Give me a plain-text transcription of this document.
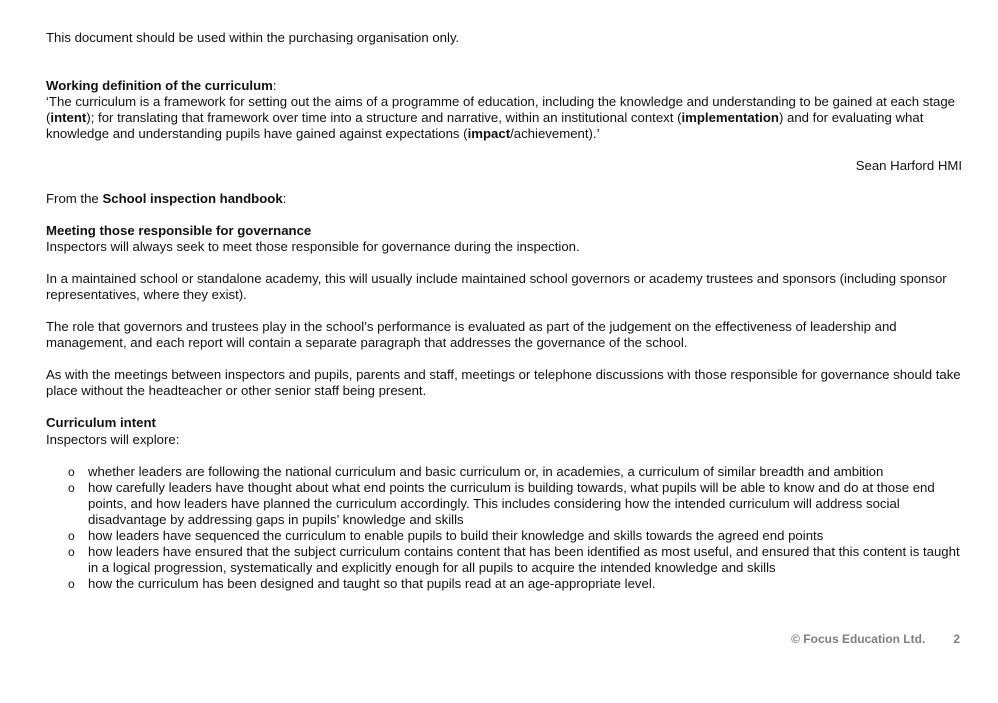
This document should be used within the purchasing organisation only.

Working definition of the curriculum:

‘The curriculum is a framework for setting out the aims of a programme of education, including the knowledge and understanding to be gained at each stage (intent); for translating that framework over time into a structure and narrative, within an institutional context (implementation) and for evaluating what knowledge and understanding pupils have gained against expectations (impact/achievement).’

Sean Harford HMI

From the School inspection handbook:

Meeting those responsible for governance

Inspectors will always seek to meet those responsible for governance during the inspection.

In a maintained school or standalone academy, this will usually include maintained school governors or academy trustees and sponsors (including sponsor representatives, where they exist).

The role that governors and trustees play in the school’s performance is evaluated as part of the judgement on the effectiveness of leadership and management, and each report will contain a separate paragraph that addresses the governance of the school.

As with the meetings between inspectors and pupils, parents and staff, meetings or telephone discussions with those responsible for governance should take place without the headteacher or other senior staff being present.

Curriculum intent

Inspectors will explore:

o	whether leaders are following the national curriculum and basic curriculum or, in academies, a curriculum of similar breadth and ambition
o	how carefully leaders have thought about what end points the curriculum is building towards, what pupils will be able to know and do at those end points, and how leaders have planned the curriculum accordingly. This includes considering how the intended curriculum will address social disadvantage by addressing gaps in pupils’ knowledge and skills
o	how leaders have sequenced the curriculum to enable pupils to build their knowledge and skills towards the agreed end points
o	how leaders have ensured that the subject curriculum contains content that has been identified as most useful, and ensured that this content is taught in a logical progression, systematically and explicitly enough for all pupils to acquire the intended knowledge and skills
o	how the curriculum has been designed and taught so that pupils read at an age-appropriate level.
© Focus Education Ltd. 2
